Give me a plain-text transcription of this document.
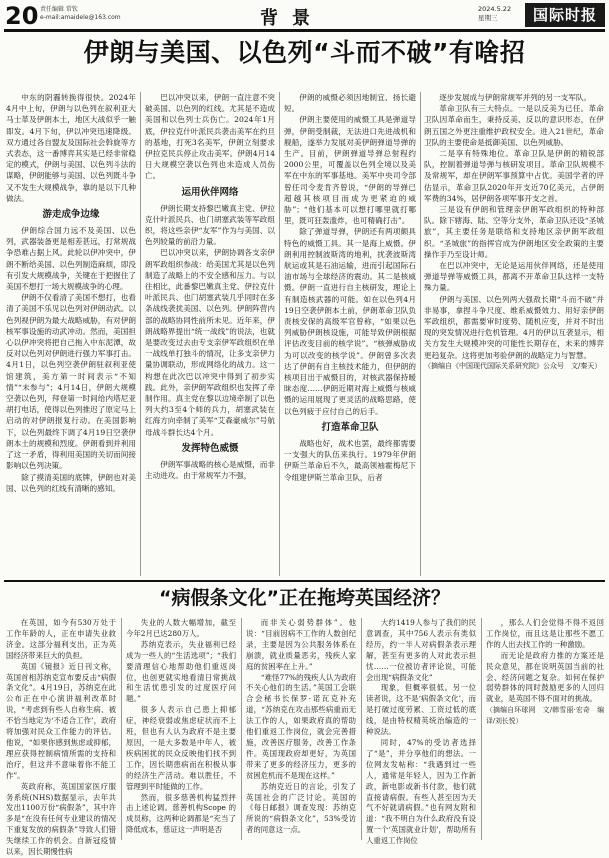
20 责任编辑 常钦
e-mail:amaidele@163.com	背景	2024.5.22
星期三	国际时报
伊朗与美国、以色列“斗而不破”有啥招

中东的阴霾转换得很快。2024年4月中上旬，伊朗与以色列在叙利亚大马士革及伊朗本土，地区大战似乎一触即发。4月下旬，伊以冲突迅速降级。双方通过各自盟友及国际社会斡旋等方式表态，这一番博弈其实是已经非常稳定的模式，伊朗与美国、以色列斗法的谋略，伊朗能够与美国、以色列既斗争又不发生大规模战争，靠的是以下几种做法。

游走成争边缘

伊朗综合国力远不及美国、以色列，武器装备更是相差甚远，打常规战争恐难占据上风。此轮以伊冲突中，伊朗不断给美国、以色列制造麻烦，即没有引发大规模战争，关键在于把握住了美国不想打一场大规模战争的心理。

伊朗不仅看清了美国不想打，也看清了美国不乐见以色列对伊朗动武。以色列视伊朗为最大战略威胁，有对伊朗核军事设施的动武冲动。然而，美国担心以伊冲突将把自己拖入中东泥潭，故反对以色列对伊朗进行强力军事打击。4月1日，以色列空袭伊朗驻叙利亚使馆建筑，美方第一时间表示“不知情”“未参与”；4月14日，伊朗大规模空袭以色列，拜登第一时间给内塔尼亚胡打电话，使得以色列推迟了原定马上启动的对伊朗报复行动。在美国影响下，以色列最终下调了4月19日空袭伊朗本土的规模和烈度。伊朗看到并利用了这一矛盾，得利用美国的关切而间接影响以色列决策。

除了摸清美国的底牌，伊朗也对美国、以色列的红线有清晰的感知。

巴以冲突以来，伊朗一直注意不突破美国、以色列的红线。尤其是不造成美国和以色列士兵伤亡。2024年1月底，伊拉克什叶派民兵袭击美军在约旦的基地，打死3名美军，伊朗立刻要求伊拉克民兵停止攻击美军。伊朗4月14日大规模空袭以色列也未造成人员伤亡。

运用伙伴网络

伊朗长期支持黎巴嫩真主党、伊拉克什叶派民兵、也门胡塞武装等军政组织，将这些亲伊“友军”作为与美国、以色列较量的前沿力量。

巴以冲突以来，伊朗协调各支亲伊朗军政组织参战：给美国尤其是以色列制造了战略上的不安全感和压力。与以往相比，此番黎巴嫩真主党、伊拉克什叶派民兵、也门胡塞武装几乎同时在多条战线袭扰美国、以色列。伊朗阵营内部的战略协同性前所未见。近年来，伊朗战略界提出“统一战线”的说法，也就是要改变过去由专支亲伊军政组织在单一战线单打独斗的情况，让多支亲伊力量协调联动，形成网络化的战力。这一构想在此次巴以冲突中得到了初步实践。此外，亲伊朗军政组织也发挥了牵制作用。真主党在黎以边境牵制了以色列大约3至4个师的兵力，胡塞武装在红海方向牵制了美军“艾森豪威尔”号航母战斗群长达4个月。

发挥特色威慑

伊朗军事战略的核心是威慑，而非主动进攻。由于常规军力不强，

伊朗的威慑必须因地制宜、扬长避短。

伊朗主要使用的威慑工具是弹道导弹，伊朗受制裁，无法进口先进战机和舰船，遂举力发展对美伊朗弹道导弹的生产。目前，伊朗弹道导弹总射程约2000公里，可覆盖以色列全境以及美军在中东的军事基地。美军中央司令部曾任司令麦肯齐曾说，“伊朗的导弹已超越其核项目而成为更紧迫的威胁”；“他们基本可以想打哪里就打哪里，既可狂轰滥炸，也可精确打击”。

除了弹道导弹，伊朗还有两项颇具特色的威慑工具。其一是海上威慑。伊朗利用控制波斯湾的地利，扰袭波斯湾航运或其是石油运输，进而引起国际石油市场与全球经济的震动。其二是核威慑。伊朗一直进行自主核研发，理论上有制造核武器的可能。如在以色列4月19日空袭伊朗本土前，伊朗革命卫队负责核安保的高级军官曾称，“如果以色列威胁伊朗核设施，可能导致伊朗根据评估改变目前的核学说”。“核弹威胁成为可以改变的核学说”。伊朗曾多次表达了伊朗有自主核技术能力，但伊朗的核项目出于威慑目的，对核武器保持暧昧态度……伊朗近期对海上威慑与核威慑的运用展现了更灵活的战略思路，使以色列疲于应付自己的后手。

打造革命卫队

战略也好，战术也罢，最终都需要一支强大的队伍来执行。1979年伊朗伊斯兰革命后不久，最高领袖霍梅尼下令组建伊斯兰革命卫队，后者

逐步发展成与伊朗常规军并列的另一支军队。

革命卫队有三大特点。一是以反美为已任。革命卫队因革命而生，秉持反美、反以的意识形态，在伊朗五国之外更注重维护政权安全。进入21世纪，革命卫队的主要使命是抵御美国、以色列威胁。

二是享有特殊地位。革命卫队是伊朗的精锐部队，控制着弹道导弹与核研发项目。革命卫队规模不及常规军，却在伊朗军事预算中占优。美国学者的评估显示，革命卫队2020年开支近70亿美元，占伊朗军费的34%，居伊朗各项军事开支之首。

三是设有伊朗和管理亲伊朗军政组织的特种部队。除下辖海、陆、空等分支外，革命卫队还设“圣城旅”，其主要任务是联络和支持地区亲伊朗军政组织。“圣城旅”的指挥官成为伊朗地区安全政策的主要操作手乃至设计师。

在巴以冲突中，无论是运用伙伴网络，还是使用弹道导弹等威慑工具，都离不开革命卫队这样一支特殊力量。

伊朗与美国、以色列两大强敌长期“斗而不破”并非易事，拿捏斗争尺度、维系威慑效力、用好亲伊朗军政组织，都需要审时度势、随机应变，并对不时出现的突发情况进行危机管理。4月的伊以互袭显示，相关方发生大规模冲突的可能性长期存在，未来的博弈更趋复杂。这将更加考验伊朗的战略定力与智慧。

（摘编自《中国现代国际关系研究院》公众号　文/秦天）

“病假条文化”正在拖垮英国经济？

在英国，如今有530万处于工作年龄的人，正在申请失业救济金。这部分福利支出，正为英国经济带来巨大的负担。

英国《镜报》近日刊文称，英国首相苏纳克宣布要反击“病假条文化”。4月19日，苏纳克在此公布正在中心演讲福利改革时说，“考虑到有些人自称生病、被不恰当地定为‘不适合工作’，政府将加强对民众工作能力的评估。他说，“如果你感到焦虑或抑郁，理应获得控制病情所需的支持和治疗，但这并不意味着你不能工作”。

英政府称，英国国家医疗服务系统(NHS)数据显示，去年共发出1100万份“病假条”，其中许多是“在没有任何专业建议的情况下重复发放的病假条”导致人们错失继续工作的机会。自新冠疫情以来，因长期慢性病

失业的人数大幅增加，截至今年2月已达280万人。

苏纳克表示，失业福利已经成为一些人的“生活选项”；“我们要清理信心地帮助他们重返岗位，也创更就实地看清日常挑战和生活忧患引发的过度医疗问题。”

很多人表示自己患上抑郁症，神经衰弱或焦虑症状而不上班，但也有人认为政府不是主要原因，一是大多数是中年人，被疾病困扰的民众反映他们找不到工作，因长期患病而在积极从事的经济生产活动。难以胜任，不管理到平时能做的工作。

然而，很多慈善机构猛烈抨击上述论调。慈善机构Scope 的成员称，这两种论调都是“充当了降低成本，慈证这一声明是否

而非关心弱势群体”。他说：“目前因病不工作的人数创纪录，主要是因为公共服务体系在崩溃，就业质量恶劣，残疾人家庭的贫困率在上升。”

“难怪77%的残疾人认为政府不关心他们的生活。”英国工会联合会秘书长保罗·诺瓦克补充道，“苏纳克在攻击那些病重而无法工作的人，如果政府真的帮助他们重返工作岗位，就会完善措施，改善医疗服务，改善工作条件。英国现政府却更好，为英国带来了更多的经济压力，更多的贫困危机而不是现在这样。”

苏纳克近日的言论，引发了英国社会的广泛讨论。英国的《每日邮报》调查发现：苏纳克所说的“病假条文化”，53%受访者的同意这一点。

大约1419人参与了我们的民意调查，其中756人表示有类似经历，约一半人对病假条表示理解，甚至有更多的人对此表示担忧……一位被访者评论说，可能会出现“病假条文化”

现象，但概率很低。另一位读者说，这不是‘病假条文化’，而是打破过度劳累、工资过低的底线，是由特权精英统治编造的一种说法。

同时，47%的受访者选择了“是”，并分享他们的想法。一位网友发帖称：“我遇到过一些人，通常是年轻人，因为工作新政，新电影或新书付款，他们就直接请病假。有些人甚至因为天气不好就请病假。”也有网友附和道：“我不明白为什么政府没有设置一个‘英国就业计划’，帮助所有人重返工作岗位

，那么人们会觉得不得不返回工作岗位，而且这是让那些不愿工作的人出去找工作的一种激励。

而无论是政府力推的方案还是民众意见，都在说明英国当前的社会、经济问题之复杂。如何在保护弱势群体的同时鼓励更多的人回归就业，是英国不得不面对的挑战。

（摘编自环球网　文/韩雪丽·宏奇　编译/刘长悦）
